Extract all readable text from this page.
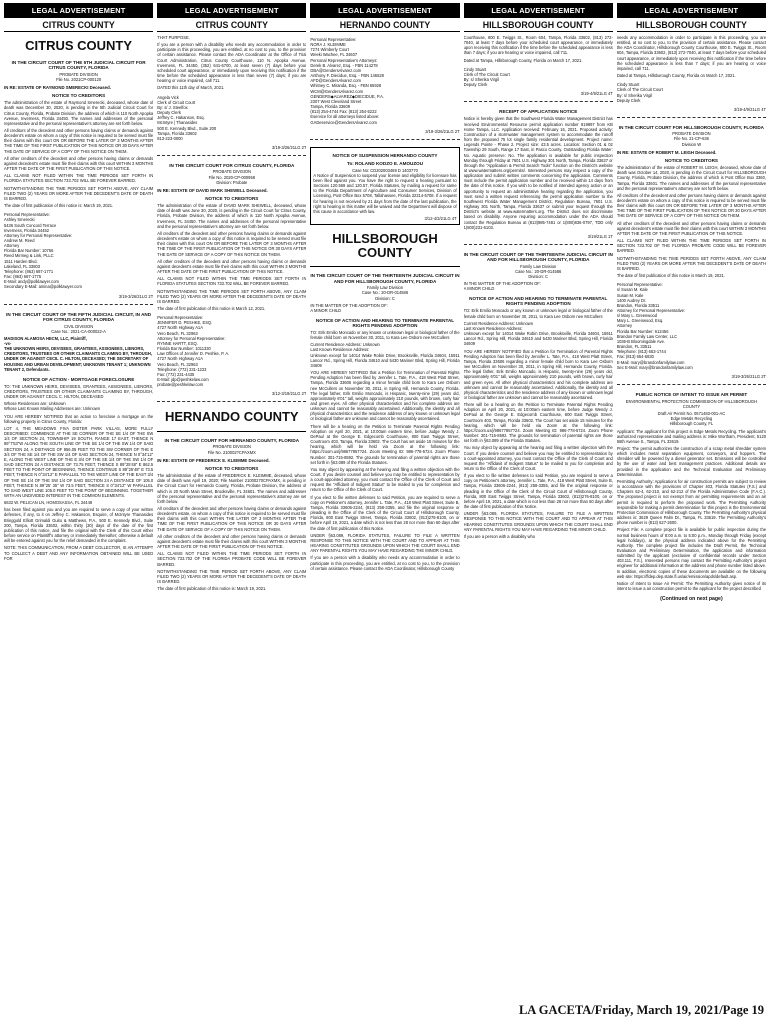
LEGAL ADVERTISEMENT
CITRUS COUNTY
CITRUS COUNTY
IN THE CIRCUIT COURT OF THE 5TH JUDICIAL CIRCUIT FOR CITRUS COUNTY, FLORIDA
PROBATE DIVISION
File No. 2021CP-000120
IN RE: ESTATE OF RAYMOND SMERECKI Deceased.
NOTICE TO CREDITORS

The administration of the estate of Raymond Smerecki, deceased, whose date of death was December 30, 2020, is pending in the 5th Judicial Circuit Court for Citrus County, Florida, Probate Division, the address of which is 110 North Apopka Avenue, Inverness, Florida 34450. The names and addresses of the personal representative and the personal representative's attorney are set forth below.

All creditors of the decedent and other persons having claims or demands against decedent's estate on whom a copy of this notice is required to be served must file their claims with this court ON OR BEFORE THE LATER OF 3 MONTHS AFTER THE TIME OF THE FIRST PUBLICATION OF THIS NOTICE OR 30 DAYS AFTER THE DATE OF SERVICE OF A COPY OF THIS NOTICE ON THEM.

All other creditors of the decedent and other persons having claims or demands against decedent's estate must file their claims with this court WITHIN 3 MONTHS AFTER THE DATE OF THE FIRST PUBLICATION OF THIS NOTICE.

ALL CLAIMS NOT FILED WITHIN THE TIME PERIODS SET FORTH IN FLORIDA STATUTES SECTION 733.702 WILL BE FOREVER BARRED.

NOTWITHSTANDING THE TIME PERIODS SET FORTH ABOVE, ANY CLAIM FILED TWO (2) YEARS OR MORE AFTER THE DECEDENT'S DATE OF DEATH IS BARRED.

The date of first publication of this notice is: March 19, 2021.

Personal Representative:
Ashley Smerecki
5436 South Concord Terrace
Inverness, Florida 34452
Attorney for Personal Representative:
Andrew M. Reed
Attorney
Florida Bar Number: 10756
Reed Mirmeg & Link, PLLC
1511 Harden Blvd.
Lakeland, FL 33803
Telephone: (863) 687-1771
Fax: (863) 687-1775
E-Mail: andy@polklawyer.com
Secondary E-Mail: amina@polklawyer.com
3/19-3/26/21LG 2T
IN THE CIRCUIT COURT OF THE FIFTH JUDICIAL CIRCUIT, IN AND FOR CITRUS COUNTY, FLORIDA
CIVIL DIVISION
Case No.: 2021-CA-000022-A
MADISON ALAMOSA HECM, LLC, Plaintiff,
-vs-
THE UNKNOWN HEIRS, DEVISEES, GRANTEES, ASSIGNEES, LIENORS, CREDITORS, TRUSTEES OR OTHER CLAIMANTS CLAIMING BY, THROUGH, UNDER OR AGAINST CECIL C. HILTON, DECEASED; THE SECRETARY OF HOUSING AND URBAN DEVELOPMENT; UNKNOWN TENANT 1; UNKNOWN TENANT 2, Defendants.
NOTICE OF ACTION - MORTGAGE FORECLOSURE

TO: THE UNKNOWN HEIRS, DEVISEES, GRANTEES, ASSIGNEES, LIENORS, CREDITORS, TRUSTEES OR OTHER CLAIMANTS CLAIMING BY, THROUGH, UNDER OR AGAINST CECIL C. HILTON, DECEASED

Whose Residences are: Unknown
Whose Last Known Mailing Addresses are: Unknown

YOU ARE HEREBY NOTIFIED that an action to foreclose a mortgage on the following property in Citrus County, Florida:

LOT 4, THE MEADOWS FIVA DISTER PARK VILLAS, MORE FULLY DESCRIBED: COMMENCE AT THE SE CORNER OF THE SE 1/4 OF THE SW 1/4 OF SECTION 24, TOWNSHIP 19 SOUTH, RANGE 17 EAST, THENCE N 89°7'53"W ALONG THE SOUTH LINE OF THE SE 1/4 OF THE SW 1/4 OF SAID SECTION 24, A DISTANCE OF 956.05 FEET TO THE SW CORNER OF THE E 3/4 OF THE SE 1/4 OF THE SW 1/4 OF SAID SECTION 24, THENCE N 0°34'12" E, ALONG THE WEST LINE OF THE E 3/4 OF THE SE 1/4 OF THE SW 1/4 OF SAID SECTION 24 A DISTANCE OF 73.75 FEET, THENCE S 89°25'48" E 862.5 FEET TO THE POINT OF BEGINNING, THENCE CONTINUE S 89°25'48" E 73.5 FEET, THENCE N 0°34'12" E PARALLEL TO THE WEST LINE OF THE EAST 3/4 OF THE SE 1/4 OF THE SW 1/4 OF SAID SECTION 24 A DISTANCE OF 105.0 FEET, THENCE N 89°25' 35" W 73.5 FEET, THENCE S 0°34'12" W PARALLEL TO SAID WEST LINE 105.0 FEET TO THE POINT OF BEGINNING. TOGETHER WITH AN UNDIVIDED INTEREST IN THE COMMON ELEMENTS.

6632 W. PELICAN LN, HOMOSASSA, FL 34448

has been filed against you and you are required to serve a copy of your written defenses, if any, to it on Jeffrey C. Hakanson, Esquire, of McIntyre Thanasides Bringgold Elliott Grimaldi Guito & Matthews, P.A., 500 E. Kennedy Blvd., Suite 200, Tampa, Florida 33602, within thirty (30) days of the date of the first publication of this notice, and file the original with the Clerk of this Court either before service on Plaintiff's attorney or immediately thereafter; otherwise a default will be entered against you for the relief demanded in the complaint.

NOTE: THIS COMMUNICATION, FROM A DEBT COLLECTOR, IS AN ATTEMPT TO COLLECT A DEBT AND ANY INFORMATION OBTAINED WILL BE USED FOR

LEGAL ADVERTISEMENT
CITRUS COUNTY

THAT PURPOSE.

If you are a person with a disability who needs any accommodation in order to participate in this proceeding, you are entitled, at no cost to you, to the provision of certain assistance. Please contact the ADA Coordinator at the Office of Trial Court Administration, Citrus County Courthouse, 110 N. Apopka Avenue, Inverness, FL 34450, (352) 641-6700, at least seven (7) days before your scheduled court appearance, or immediately upon receiving this notification if the time before the scheduled appearance is less than seven (7) days; if you are hearing or voice impaired, call 711.

DATED this 11th day of March, 2021.

Angela Vick
Clerk of Circuit Court
By: s/ J. Steelfox
Deputy Clerk
Jeffrey C. Hakanson, Esq.
McIntyre | Thanasides
500 E. Kennedy Blvd., Suite 200
Tampa, Florida 33602
813-223-0000
3/19-3/26/21LG 2T
IN THE CIRCUIT COURT FOR CITRUS COUNTY, FLORIDA
PROBATE DIVISION
File No. 2020-CP-000958
Division: Probate
IN RE: ESTATE OF DAVID MARK SHEWELL Deceased.
NOTICE TO CREDITORS

The administration of the estate of DAVID MARK SHEWELL, deceased, whose date of death was June 30, 2020, is pending in the Circuit Court for Citrus County, Florida, Probate Division, the address of which is 110 North Apopka Avenue, Inverness, FL 34450. The names and addresses of the personal representative and the personal representative's attorney are set forth below.

All creditors of the decedent and other persons having claims or demands against decedent's estate on whom a copy of this notice is required to be served must file their claims with this court ON OR BEFORE THE LATER OF 3 MONTHS AFTER THE TIME OF THE FIRST PUBLICATION OF THIS NOTICE OR 30 DAYS AFTER THE DATE OF SERVICE OF A COPY OF THIS NOTICE ON THEM.

All other creditors of the decedent and other persons having claims or demands against decedent's estate must file their claims with this court WITHIN 3 MONTHS AFTER THE DATE OF THE FIRST PUBLICATION OF THIS NOTICE.

ALL CLAIMS NOT FILED WITHIN THE TIME PERIODS SET FORTH IN FLORIDA STATUTES SECTION 733.702 WILL BE FOREVER BARRED.

NOTWITHSTANDING THE TIME PERIODS SET FORTH ABOVE, ANY CLAIM FILED TWO (2) YEARS OR MORE AFTER THE DECEDENT'S DATE OF DEATH IS BARRED.

The date of first publication of this notice is March 12, 2021.

Personal Representative:
JENNIFER D. PESHKE, ESQ.
4727 North Highway A1A
Vero Beach, FL 32963
Attorney for Personal Representative:
RYNNE HARTT, ESQ.
Florida Bar Number: 1011330
Law Offices of Jennifer D. Peshke, P. A.
4727 North Highway A1A
Vero Beach, FL 32963
Telephone: (772) 231-1233
Fax: (772) 231-4435
E-Mail: jdp@peshkelaw.com
probate@peshkelaw.com
3/12-3/19/21LG 2T
HERNANDO COUNTY
IN THE CIRCUIT COURT FOR HERNANDO COUNTY, FLORIDA
PROBATE DIVISION
File No. 210002?CPAXMX
IN RE: ESTATE OF FREDERICK E. KLEIMME Deceased.
NOTICE TO CREDITORS

The administration of the estate of FREDERICK E. KLEIMME, deceased, whose date of death was April 19, 2020; File Number 21000270CPAXMX, is pending in the Circuit Court for Hernando County, Florida, Probate Division, the address of which is 20 North Main Street, Brooksville, FL 34601. The names and addresses of the personal representative and the personal representative's attorney are set forth below.

All creditors of the decedent and other persons having claims or demands against decedent's estate, on whom a copy of this notice is required to be served must file their claims with this court WITHIN THE LATER OF 3 MONTHS AFTER THE TIME OF THE FIRST PUBLICATION OF THIS NOTICE OR 30 DAYS AFTER THE DATE OF SERVICE OF A COPY OF THIS NOTICE ON THEM.

All other creditors of the decedent and other persons having claims or demands against decedent's estate must file their claims with this court WITHIN 3 MONTHS AFTER THE DATE OF THE FIRST PUBLICATION OF THIS NOTICE.

ALL CLAIMS NOT FILED WITHIN THE TIME PERIODS SET FORTH IN SECTION 733.702 OF THE FLORIDA PROBATE CODE WILL BE FOREVER BARRED.

NOTWITHSTANDING THE TIME PERIOD SET FORTH ABOVE, ANY CLAIM FILED TWO (2) YEARS OR MORE AFTER THE DECEDENT'S DATE OF DEATH IS BARRED.

The date of first publication of this notice is: March 19, 2021.

LEGAL ADVERTISEMENT
HERNANDO COUNTY
Personal Representative:
NORA J. KLEIMME
7274 Wimberly Court
Weeki Wachee, FL 34607
Personal Representative's Attorneys:
Derek B. Alvarez, Esq. - FBN 114278
DBA@GendersAlvarez.com
Anthony F. Diecidue, Esq. - FBN 146528
AFD@GendersAlvarez.com
Whitney C. Miranda, Esq. - FBN 65928
WCM@GendersAlvarez.com
GENDERS◆ALVAREZ◆DIECIDUE, P.A.
2307 West Cleveland Street
Tampa, Florida 33609
(813) 254-4744 Fax: (813) 254-5222
Eservice for all attorneys listed above:
GADeservice@GendersAlvarez.com
3/19-3/26/21LG 2T
NOTICE OF SUSPENSION HERNANDO COUNTY
To: ROLAND KODZO E. AMOUZOU
Case No: CD202003469 D 1403770

A Notice of Suspension to suspend your license and eligibility for licensure has been filed against you. You have the right to request a hearing pursuant to Sections 120.569 and 120.57, Florida Statutes, by mailing a request for same to the Florida Department of Agriculture and Consumer Services, Division of Licensing, Post Office Box 5708, Tallahassee, Florida 32314-5708. If a request for hearing is not received by 21 days from the date of the last publication, the right to hearing in this matter will be waived and the Department will dispose of this cause in accordance with law.

3/12-4/2/21LG 4T
HILLSBOROUGH COUNTY
IN THE CIRCUIT COURT OF THE THIRTEENTH JUDICIAL CIRCUIT IN AND FOR HILLSBOROUGH COUNTY, FLORIDA
Family Law Division
Case No.: 20-DR-014586
Division: C
IN THE MATTER OF THE ADOPTION OF:
A MINOR CHILD
NOTICE OF ACTION AND HEARING TO TERMINATE PARENTAL RIGHTS PENDING ADOPTION

TO: Erik Emilio Moncado or any known or unknown legal or biological father of the female child born on November 30, 2011, to Kara Lee Osborn nee McCullers

Current Residence Address: Unknown
Last Known Residence Address:
Unknown except for 14014 Wake Robin Drive, Brooksville, Florida 34604, 15911 Lancor Rd., Spring Hill, Florida 34610 and 5430 Mariner Blvd, Spring Hill, Florida 34609

YOU ARE HEREBY NOTIFIED that a Petition for Termination of Parental Rights Pending Adoption has been filed by Jennifer L. Tate, P.A., 418 West Platt Street, Tampa, Florida 33606 regarding a minor female child born to Kara Lee Osborn nee McCullers on November 30, 2011, in Spring Hill, Hernando County, Florida. The legal father, Erik Emilio Moncado, is Hispanic, twenty-nine (29) years old, approximately 6'01" tall, weighs approximately 210 pounds, with brown, curly hair and green eyes. All other physical characteristics and his complete address are unknown and cannot be reasonably ascertained. Additionally, the identity and all physical characteristics and the residence address of any known or unknown legal or biological father are unknown and cannot be reasonably ascertained.

There will be a hearing on the Petition to Terminate Parental Rights Pending Adoption on April 20, 2021, at 10:00am eastern time, before Judge Wendy J. DePaul at the George E. Edgecomb Courthouse, 800 East Twiggs Street, Courtroom 403, Tampa, Florida 33602. The Court has set aside 15 minutes for the hearing, which will be held via Zoom at the following link: https://zoom.us/j/98677857?24. Zoom Meeting ID: 986-778-5724. Zoom Phone Number: 301-715-8592. The grounds for termination of parental rights are those set forth in §63.089 of the Florida Statutes.

You may object by appearing at the hearing and filing a written objection with the Court. If you desire counsel and believe you may be entitled to representation by a court-appointed attorney, you must contact the Office of the Clerk of Court and request the "Affidavit of Indigent Status" to be mailed to you for completion and return to the Office of the Clerk of Court.

If you elect to file written defenses to said Petition, you are required to serve a copy on Petitioner's attorney, Jennifer L. Tate, P.A., 418 West Platt Street, Suite B, Tampa, Florida 33606-2244, (813) 258-3355, and file the original response or pleading in the Office of the Clerk of the Circuit Court of Hillsborough County, Florida, 800 East Twiggs Street, Tampa, Florida 33602, (813)276-8100, on or before April 19, 2021, a date which is not less than 28 nor more than 60 days after the date of first publication of this Notice.

UNDER §63.089, FLORIDA STATUTES, FAILURE TO FILE A WRITTEN RESPONSE TO THIS NOTICE WITH THE COURT AND TO APPEAR AT THIS HEARING CONSTITUTES GROUNDS UPON WHICH THE COURT SHALL END ANY PARENTAL RIGHTS YOU MAY HAVE REGARDING THE MINOR CHILD.

If you are a person with a disability who needs any accommodation in order to participate in this proceeding, you are entitled, at no cost to you, to the provision of certain assistance. Please contact the ADA Coordinator, Hillsborough County

LEGAL ADVERTISEMENT
HILLSBOROUGH COUNTY

Courthouse, 800 E. Twiggs St., Room 604, Tampa, Florida 33602, (813) 272-7040, at least 7 days before your scheduled court appearance, or immediately upon receiving this notification if the time before the scheduled appearance is less than 7 days; if you are hearing or voice impaired, call 711.

Dated at Tampa, Hillsborough County, Florida on March 17, 2021.

Cindy Stuart
Clerk of The Circuit Court
By: s/ Sherika Virgil
Deputy Clerk
3/19-4/9/21LG 4T
RECEIPT OF APPLICATION NOTICE

Notice is hereby given that the Southwest Florida Water Management District has received Environmental Resource permit application number 819897 from KB Home Tampa, LLC. Application received: February 16, 2021. Proposed activity: Construction of a stormwater management system to accommodate the runoff from the proposed 75 lot single family residential development. Project name: Legends Pointe - Phase 2. Project size: 43.5 acres. Location: Section 01 & 02 Township 29 South, Range 17 East, in Pasco County. Outstanding Florida Water: No. Aquatic preserve: No. The application is available for public inspection Monday through Friday at 7601 U.S. Highway 301 North, Tampa, Florida 33637 or through the "Application & Permit Search Tools" function on the District's website at www.watermatters.org/permits/. Interested persons may inspect a copy of the application and submit written comments concerning the application. Comments must include the permit application number and be received within 14 days from the date of this notice. If you wish to be notified of intended agency action or an opportunity to request an administrative hearing regarding the application, you must send a written request referencing the permit application number to the Southwest Florida Water Management District, Regulation Bureau, 7601 U.S. Highway 301 North, Tampa, Florida 33637 or submit your request through the District's website at www.watermatters.org. The District does not discriminate based on disability. Anyone requiring accommodation under the ADA should contact the Regulation Bureau at (813)985-7481 or 1(800)836-0797, TDD only 1(800)231-6103.

3/19/21LG 1T
IN THE CIRCUIT COURT OF THE THIRTEENTH JUDICIAL CIRCUIT IN AND FOR HILLSBOROUGH COUNTY, FLORIDA
Family Law Division
Case No.: 20-DR-014586
Division: C
IN THE MATTER OF THE ADOPTION OF:
A MINOR CHILD
NOTICE OF ACTION AND HEARING TO TERMINATE PARENTAL RIGHTS PENDING ADOPTION

TO: Erik Emilio Moncado or any known or unknown legal or biological father of the female child born on November 30, 2011, to Kara Lee Osborn nee McCullers

Current Residence Address: Unknown
Last Known Residence Address:
Unknown except for 14014 Wake Robin Drive, Brooksville, Florida 34604, 15911 Lancor Rd., Spring Hill, Florida 34610 and 5430 Mariner Blvd, Spring Hill, Florida 34609

YOU ARE HEREBY NOTIFIED that a Petition for Termination of Parental Rights Pending Adoption has been filed by Jennifer L. Tate, P.A., 418 West Platt Street, Tampa, Florida 33606 regarding a minor female child born to Kara Lee Osborn nee McCullers on November 30, 2011, in Spring Hill, Hernando County, Florida. The legal father, Erik Emilio Moncado, is Hispanic, twenty-nine (29) years old, approximately 6'01" tall, weighs approximately 210 pounds, with brown, curly hair and green eyes. All other physical characteristics and his complete address are unknown and cannot be reasonably ascertained. Additionally, the identity and all physical characteristics and the residence address of any known or unknown legal or biological father are unknown and cannot be reasonably ascertained.

There will be a hearing on the Petition to Terminate Parental Rights Pending Adoption on April 20, 2021, at 10:00am eastern time, before Judge Wendy J. DePaul at the George E. Edgecomb Courthouse, 800 East Twiggs Street, Courtroom 403, Tampa, Florida 33602. The Court has set aside 15 minutes for the hearing, which will be held via Zoom at the following link: https://zoom.us/j/98677857?24. Zoom Meeting ID: 986-778-5724. Zoom Phone Number: 301-715-8592. The grounds for termination of parental rights are those set forth in §63.089 of the Florida Statutes.

You may object by appearing at the hearing and filing a written objection with the Court. If you desire counsel and believe you may be entitled to representation by a court-appointed attorney, you must contact the Office of the Clerk of Court and request the "Affidavit of Indigent Status" to be mailed to you for completion and return to the Office of the Clerk of Court.

If you elect to file written defenses to said Petition, you are required to serve a copy on Petitioner's attorney, Jennifer L. Tate, P.A., 418 West Platt Street, Suite B, Tampa, Florida 33606-2244, (813) 258-3355, and file the original response or pleading in the Office of the Clerk of the Circuit Court of Hillsborough County, Florida, 800 East Twiggs Street, Tampa, Florida 33602, (813)276-8100, on or before April 19, 2021, a date which is not less than 28 nor more than 60 days after the date of first publication of this Notice.

UNDER §63.089, FLORIDA STATUTES, FAILURE TO FILE A WRITTEN RESPONSE TO THIS NOTICE WITH THE COURT AND TO APPEAR AT THIS HEARING CONSTITUTES GROUNDS UPON WHICH THE COURT SHALL END ANY PARENTAL RIGHTS YOU MAY HAVE REGARDING THE MINOR CHILD.

If you are a person with a disability who

LEGAL ADVERTISEMENT
HILLSBOROUGH COUNTY

needs any accommodation in order to participate in this proceeding, you are entitled, at no cost to you, to the provision of certain assistance. Please contact the ADA Coordinator, Hillsborough County Courthouse, 800 E. Twiggs St., Room 604, Tampa, Florida 33602, (813) 272-7040, at least 7 days before your scheduled court appearance, or immediately upon receiving this notification if the time before the scheduled appearance is less than 7 days; if you are hearing or voice impaired, call 711.

Dated at Tampa, Hillsborough County, Florida on March 17, 2021.

Cindy Stuart
Clerk of The Circuit Court
By: s/ Sherika Virgil
Deputy Clerk
3/19-4/9/21LG 4T
IN THE CIRCUIT COURT FOR HILLSBOROUGH COUNTY, FLORIDA
PROBATE DIVISION
File No. 21-CP-636
Division W
IN RE: ESTATE OF ROBERT M. LEIGH Deceased.
NOTICE TO CREDITORS

The administration of the estate of ROBERT M. LEIGH, deceased, whose date of death was October 14, 2020, is pending in the Circuit Court for HILLSBOROUGH County, Florida, Probate Division, the address of which is Post Office Box 3360, Tampa, Florida 33601. The names and addresses of the personal representative and the personal representative's attorney are set forth below.

All creditors of the decedent and other persons having claims or demands against decedent's estate on whom a copy of this notice is required to be served must file their claims with this court ON OR BEFORE THE LATER OF 3 MONTHS AFTER THE TIME OF THE FIRST PUBLICATION OF THIS NOTICE OR 30 DAYS AFTER THE DATE OF SERVICE OF A COPY OF THIS NOTICE ON THEM.

All other creditors of the decedent and other persons having claims or demands against decedent's estate must file their claims with this court WITHIN 3 MONTHS AFTER THE DATE OF THE FIRST PUBLICATION OF THIS NOTICE.

ALL CLAIMS NOT FILED WITHIN THE TIME PERIODS SET FORTH IN SECTION 733.702 OF THE FLORIDA PROBATE CODE WILL BE FOREVER BARRED.

NOTWITHSTANDING THE TIME PERIODS SET FORTH ABOVE, ANY CLAIM FILED TWO (2) YEARS OR MORE AFTER THE DECEDENT'S DATE OF DEATH IS BARRED.

The date of first publication of this notice is March 19, 2021.

Personal Representative:
s/ Susan M. Kale
Susan M. Kale
1400 Audrey Dr.
Brandon, Florida 33511
Attorney for Personal Representative:
s/ Mary L. Greenwood
Mary L. Greenwood, Esq.
Attorney
Florida Bar Number: 612456
Brandon Family Law Center, LLC
1036-B Bloomingdale Ave.
Brandon, FL 33511
Telephone: (813) 653-1744
Fax: (813) 654-6830
E-Mail: mary@brandonfamilylaw.com
Sec E-Mail: mary@brandonfamilylaw.com
3/19-3/26/21LG 2T
PUBLIC NOTICE OF INTENT TO ISSUE AIR PERMIT
ENVIRONMENTAL PROTECTION COMMISSION OF HILLSBOROUGH COUNTY
Draft Air Permit No. 0571483-001-AC
Edge Metals Recycling
Hillsborough County, FL

Applicant: The applicant for this project is Edge Metals Recycling. The applicant's authorized representative and mailing address is: Mike Wortham, President, 5120 56th Avenue S., Tampa, FL 33619.

Project: The permit authorizes the construction of a scrap metal shredder system which includes metal separation equipment, conveyors, and hoppers. The shredder will be powered by a diesel generator set. Emissions will be controlled by the use of water and best management practices. Additional details are provided in the application and the Technical Evaluation and Preliminary Determination.

Permitting Authority: Applications for air construction permits are subject to review in accordance with the provisions of Chapter 403, Florida Statutes (F.S.) and Chapters 62-4, 62-210, and 62-212 of the Florida Administrative Code (F.A.C.). The proposed project is not exempt from air permitting requirements and an air permit is required to perform the proposed work. The Permitting Authority responsible for making a permit determination for this project is the Environmental Protection Commission of Hillsborough County. The Permitting Authority's physical address is: 3629 Queen Palm Dr., Tampa, FL 33619. The Permitting Authority's phone number is (813) 627-2600.

Project File: A complete project file is available for public inspection during the normal business hours of 8:00 a.m. to 5:00 p.m., Monday through Friday (except legal holidays), at the physical address indicated above for the Permitting Authority. The complete project file includes the Draft Permit, the Technical Evaluation and Preliminary Determination, the application and information submitted by the applicant (exclusive of confidential records under Section 403.111, F.S.). Interested persons may contact the Permitting Authority's project engineer for additional information at the address and phone number listed above. In addition, electronic copies of these documents are available on the following web site: https://fldep.dep.state.fl.us/air/emission/apds/default.asp.

Notice of Intent to Issue Air Permit: The Permitting Authority gives notice of its intent to issue a air construction permit to the applicant for the project described

(Continued on next page)
LA GACETA/Friday, March 19, 2021/Page 19
